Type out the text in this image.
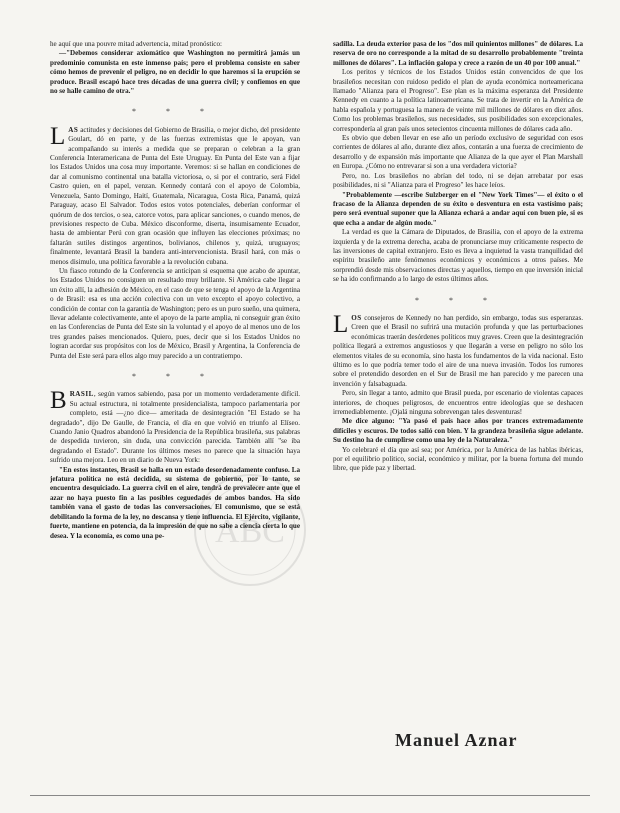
he aquí que una pouvre mitad advertencia, mitad pronóstico:

—"Debemos considerar axiomático que Washington no permitirá jamás un predominio comunista en este inmenso país; pero el problema consiste en saber cómo hemos de prevenir el peligro, no en decidir lo que haremos si la erupción se produce. Brasil escapó hace tres décadas de una guerra civil; y confiemos en que no se halle camino de otra."

* * *

LAS actitudes y decisiones del Gobierno de Brasilia, o mejor dicho, del presidente Goulart, dó en parte, y de las fuerzas extremistas que le apoyan, van acompañando su interés a medida que se preparan o celebran a la gran Conferencia Interamericana de Punta del Este Uruguay. En Punta del Este van a fijar los Estados Unidos una cosa muy importante. Veremos: si se hallan en condiciones de dar al comunismo continental una batalla victoriosa, o, si por el contrario, será Fidel Castro quien, en el papel, venzan. Kennedy contará con el apoyo de Colombia, Venezuela, Santo Domingo, Haití, Guatemala, Nicaragua, Costa Rica, Panamá, quizá Paraguay, acaso El Salvador. Todos estos votos potenciales, deberían conformar el quórum de dos tercios, o sea, catorce votos, para aplicar sanciones, o cuando menos, de previsiones respecto de Cuba. México disconforme, diserta, insumisamente Ecuador, hasta de ambientar Perú con gran ocasión que influyen las elecciones próximas; no faltarán sutiles distingos argentinos, bolivianos, chilenos y, quizá, uruguayos; finalmente, levantará Brasil la bandera anti-intervencionista. Brasil hará, con más o menos disimulo, una política favorable a la revolución cubana.

Un fiasco rotundo de la Conferencia se anticipan si esquema que acabo de apuntar, los Estados Unidos no consiguen un resultado muy brillante. Si América cabe llegar a un éxito allí, la adhesión de México, en el caso de que se tenga el apoyo de la Argentina o de Brasil: esa es una acción colectiva con un veto excepto el apoyo colectivo, a condición de contar con la garantía de Washington; pero es un puro sueño, una quimera, llevar adelante colectivamente, ante el apoyo de la parte amplia, ni conseguir gran éxito en las Conferencias de Punta del Este sin la voluntad y el apoyo de al menos uno de los tres grandes países mencionados. Quiero, pues, decir que si los Estados Unidos no logran acordar sus propósitos con los de México, Brasil y Argentina, la Conferencia de Punta del Este será para ellos algo muy parecido a un contratiempo.

* * *

BRASIL, según vamos sabiendo, pasa por un momento verdaderamente difícil. Su actual estructura, ni totalmente presidencialista, tampoco parlamentaria por completo, está —¿no dice— ameritada de desintegración "El Estado se ha degradado", dijo De Gaulle, de Francia, el día en que volvió en triunfo al Elíseo. Cuando Janio Quadros abandonó la Presidencia de la República brasileña, sus palabras de despedida tuvieron, sin duda, una convicción parecida. También allí "se iba degradando el Estado". Durante los últimos meses no parece que la situación haya sufrido una mejora. Leo en un diario de Nueva York:

"En estos instantes, Brasil se halla en un estado desordenadamente confuso. La jefatura política no está decidida, su sistema de gobierno, por lo tanto, se encuentra desquiciado. La guerra civil en el aire, tendrá de prevalecer ante que el azar no haya puesto fin a las posibles ceguedades de ambos bandos. Ha sido también vana el gasto de todas las conversaciones. El comunismo, que se está debilitando la forma de la ley, no descansa y tiene influencia. El Ejército, vigilante, fuerte, mantiene en potencia, da la impresión de que no sabe a ciencia cierta lo que desea. Y la economía, es como una pe-

sadilla. La deuda exterior pasa de los "dos mil quinientos millones" de dólares. La reserva de oro no corresponde a la mitad de su desarrollo probablemente "treinta millones de dólares". La inflación galopa y crece a razón de un 40 por 100 anual."

Los peritos y técnicos de los Estados Unidos están convencidos de que los brasileños necesitan con ruidoso pedido el plan de ayuda económica norteamericana llamado "Alianza para el Progreso". Ese plan es la máxima esperanza del Presidente Kennedy en cuanto a la política latinoamericana. Se trata de invertir en la América de habla española y portuguesa la manera de veinte mil millones de dólares en diez años. Como los problemas brasileños, sus necesidades, sus posibilidades son excepcionales, correspondería al gran país unos setecientos cincuenta millones de dólares cada año.

Es obvio que deben llevar en ese año un período exclusivo de seguridad con esos corrientes de dólares al año, durante diez años, contarán a una fuerza de crecimiento de desarrollo y de expansión más importante que Alianza de la que ayer el Plan Marshall en Europa. ¿Cómo no entrevarar si son a una verdadera victoria?

Pero, no. Los brasileños no abrían del todo, ni se dejan arrebatar por esas posibilidades, ni si "Alianza para el Progreso" les hace leíos.

"Probablemente —escribe Sulzberger en el "New York Times"— el éxito o el fracaso de la Alianza dependen de su éxito o desventura en esta vastísimo país; pero será eventual suponer que la Alianza echará a andar aquí con buen pie, si es que echa a andar de algún modo."

La verdad es que la Cámara de Diputados, de Brasilia, con el apoyo de la extrema izquierda y de la extrema derecha, acaba de pronunciarse muy críticamente respecto de las inversiones de capital extranjero. Esto es lleva a inquietud la vasta tranquilidad del espíritu brasileño ante fenómenos económicos y económicos a otros países. Me sorprendió desde mis observaciones directas y aquellos, tiempo en que inversión inicial se ha ido confirmando a lo largo de estos últimos años.

* * *

LOS consejeros de Kennedy no han perdido, sin embargo, todas sus esperanzas. Creen que el Brasil no sufrirá una mutación profunda y que las perturbaciones económicas traerán desórdenes políticos muy graves. Creen que la desintegración política llegará a extremos angustiosos y que llegarán a verse en peligro no sólo los elementos vitales de su economía, sino hasta los fundamentos de la vida nacional. Esto último es lo que podría temer todo el aire de una nueva invasión. Todos los rumores sobre el pretendido desorden en el Sur de Brasil me han parecido y me parecen una invención y falsabaguada.

Pero, sin llegar a tanto, admito que Brasil pueda, por escenario de violentas capaces interiores, de choques peligrosos, de encuentros entre ideologías que se deshacen irremediablemente. ¡Ojalá ninguna sobrevengan tales desventuras!

Me dice alguno: "Ya pasó el país hace años por trances extremadamente difíciles y escuros. De todos salió con bien. Y la grandeza brasileña sigue adelante. Su destino ha de cumplirse como una ley de la Naturaleza."

Yo celebraré el día que así sea; por América, por la América de las hablas ibéricas, por el equilibrio político, social, económico y militar, por la buena fortuna del mundo libre, que pide paz y libertad.

ABC
Manuel Aznar
